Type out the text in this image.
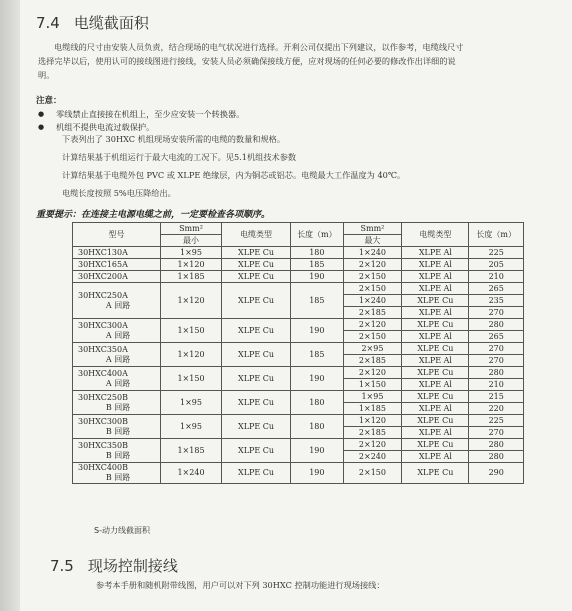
7.4 电缆截面积

电缆线的尺寸由安装人员负责，结合现场的电气状况进行选择。开利公司仅提出下列建议，以作参考，电缆线尺寸选择完毕以后，使用认可的接线图进行接线，安装人员必须确保接线方便，应对现场的任何必要的修改作出详细的说明。

注意：
● 零线禁止直接接在机组上，至少应安装一个转换器。
● 机组不提供电流过载保护。
下表列出了 30HXC 机组现场安装所需的电缆的数量和规格。
计算结果基于机组运行于最大电流的工况下。见5.1机组技术参数
计算结果基于电缆外包 PVC 或 XLPE 绝缘层，内为铜芯或铝芯。电缆最大工作温度为 40℃。
电缆长度按照 5%电压降给出。
重要提示：在连接主电源电缆之前，一定要检查各项顺序。
型号	Smm²	电缆类型	长度（m）	Smm²	电缆类型	长度（m）
	最小			最大		

30HXC130A	1×95	XLPE Cu	180	1×240	XLPE Al	225

30HXC165A	1×120	XLPE Cu	185	2×120	XLPE Al	205

30HXC200A	1×185	XLPE Cu	190	2×150	XLPE Al	210

30HXC250A
A 回路	1×120	XLPE Cu	185	2×150	XLPE Al	265
				1×240	XLPE Cu	235
				2×185	XLPE Al	270

30HXC300A
A 回路	1×150	XLPE Cu	190	2×120	XLPE Cu	280
				2×150	XLPE Al	265

30HXC350A
A 回路	1×120	XLPE Cu	185	2×95	XLPE Cu	270
				2×185	XLPE Al	270

30HXC400A
A 回路	1×150	XLPE Cu	190	2×120	XLPE Cu	280
				1×150	XLPE Al	210

30HXC250B
B 回路	1×95	XLPE Cu	180	1×95	XLPE Cu	215
				1×185	XLPE Al	220

30HXC300B
B 回路	1×95	XLPE Cu	180	1×120	XLPE Cu	225
				2×185	XLPE Al	270

30HXC350B
B 回路	1×185	XLPE Cu	190	2×120	XLPE Cu	280
				2×240	XLPE Al	280

30HXC400B
B 回路	1×240	XLPE Cu	190	2×150	XLPE Cu	290
S-动力线截面积
7.5 现场控制接线
参考本手册和随机附带线图，用户可以对下列 30HXC 控制功能进行现场接线：
